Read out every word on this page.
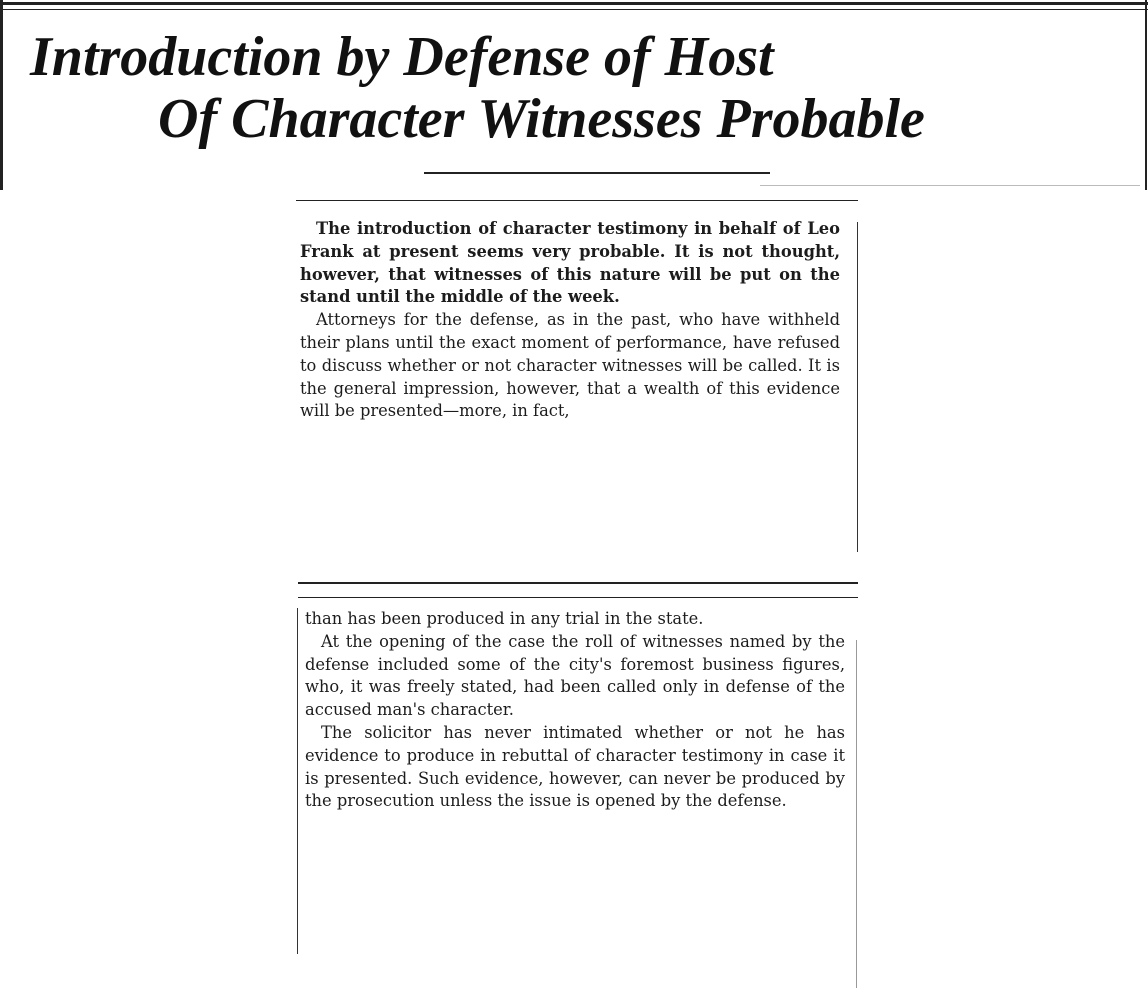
Introduction by Defense of Host
Of Character Witnesses Probable

The introduction of character testimony in behalf of Leo Frank at present seems very probable. It is not thought, however, that witnesses of this nature will be put on the stand until the middle of the week.

Attorneys for the defense, as in the past, who have withheld their plans until the exact moment of performance, have refused to discuss whether or not character witnesses will be called. It is the general impression, however, that a wealth of this evidence will be presented—more, in fact,

than has been produced in any trial in the state.

At the opening of the case the roll of witnesses named by the defense included some of the city's foremost business figures, who, it was freely stated, had been called only in defense of the accused man's character.

The solicitor has never intimated whether or not he has evidence to produce in rebuttal of character testimony in case it is presented. Such evidence, however, can never be produced by the prosecution unless the issue is opened by the defense.
